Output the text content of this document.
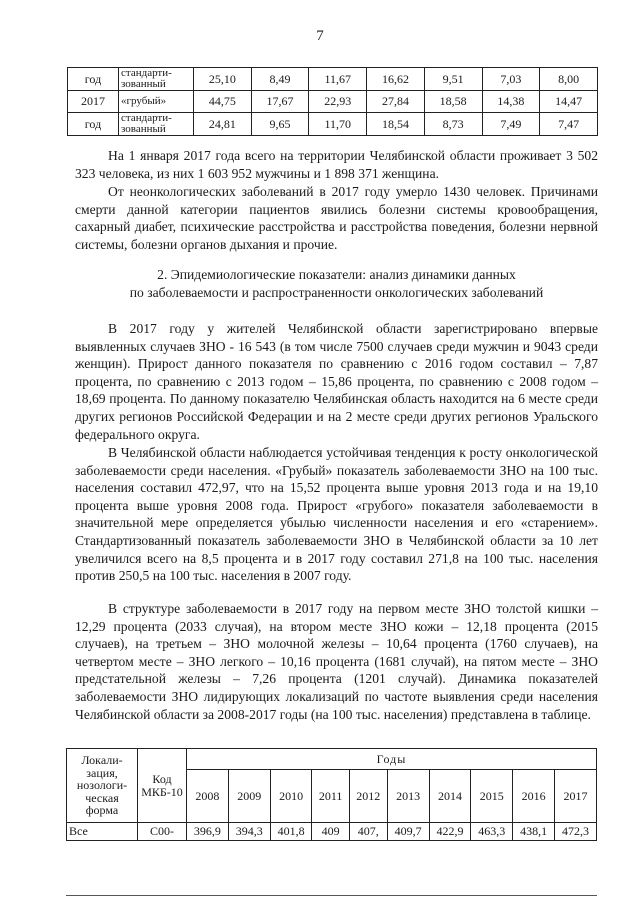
7
год	стандарти-зованный	25,10	8,49	11,67	16,62	9,51	7,03	8,00
2017	«грубый»	44,75	17,67	22,93	27,84	18,58	14,38	14,47
год	стандарти-зованный	24,81	9,65	11,70	18,54	8,73	7,49	7,47

На 1 января 2017 года всего на территории Челябинской области проживает 3 502 323 человека, из них 1 603 952 мужчины и 1 898 371 женщина.

От неонкологических заболеваний в 2017 году умерло 1430 человек. Причинами смерти данной категории пациентов явились болезни системы кровообращения, сахарный диабет, психические расстройства и расстройства поведения, болезни нервной системы, болезни органов дыхания и прочие.

2. Эпидемиологические показатели: анализ динамики данных

по заболеваемости и распространенности онкологических заболеваний

В 2017 году у жителей Челябинской области зарегистрировано впервые выявленных случаев ЗНО - 16 543 (в том числе 7500 случаев среди мужчин и 9043 среди женщин). Прирост данного показателя по сравнению с 2016 годом составил – 7,87 процента, по сравнению с 2013 годом – 15,86 процента, по сравнению с 2008 годом – 18,69 процента. По данному показателю Челябинская область находится на 6 месте среди других регионов Российской Федерации и на 2 месте среди других регионов Уральского федерального округа.

В Челябинской области наблюдается устойчивая тенденция к росту онкологической заболеваемости среди населения. «Грубый» показатель заболеваемости ЗНО на 100 тыс. населения составил 472,97, что на 15,52 процента выше уровня 2013 года и на 19,10 процента выше уровня 2008 года. Прирост «грубого» показателя заболеваемости в значительной мере определяется убылью численности населения и его «старением». Стандартизованный показатель заболеваемости ЗНО в Челябинской области за 10 лет увеличился всего на 8,5 процента и в 2017 году составил 271,8 на 100 тыс. населения против 250,5 на 100 тыс. населения в 2007 году.

В структуре заболеваемости в 2017 году на первом месте ЗНО толстой кишки – 12,29 процента (2033 случая), на втором месте ЗНО кожи – 12,18 процента (2015 случаев), на третьем – ЗНО молочной железы – 10,64 процента (1760 случаев), на четвертом месте – ЗНО легкого – 10,16 процента (1681 случай), на пятом месте – ЗНО предстательной железы – 7,26 процента (1201 случай). Динамика показателей заболеваемости ЗНО лидирующих локализаций по частоте выявления среди населения Челябинской области за 2008-2017 годы (на 100 тыс. населения) представлена в таблице.

Локали-зация, нозологи-ческая форма	Код МКБ-10	Годы									
		2008	2009	2010	2011	2012	2013	2014	2015	2016	2017
Все	С00-	396,9	394,3	401,8	409	407,	409,7	422,9	463,3	438,1	472,3
